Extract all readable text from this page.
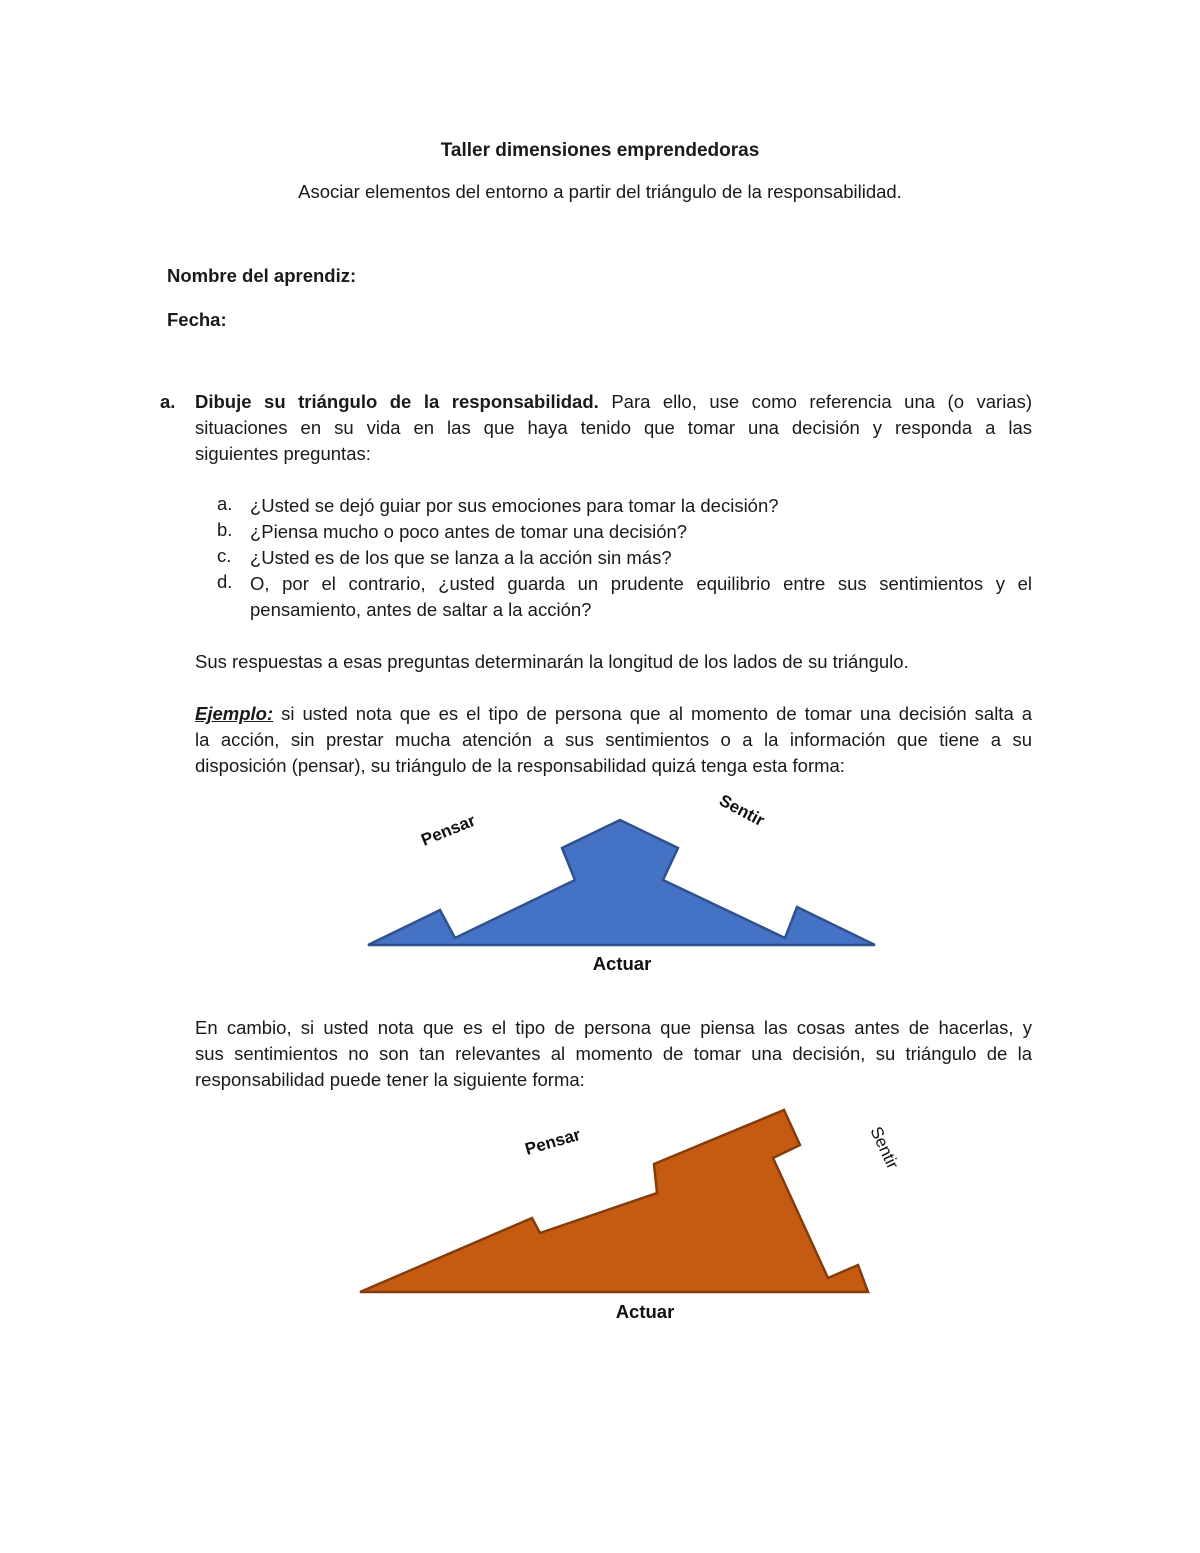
Taller dimensiones emprendedoras
Asociar elementos del entorno a partir del triángulo de la responsabilidad.
Nombre del aprendiz:
Fecha:
a. Dibuje su triángulo de la responsabilidad. Para ello, use como referencia una (o varias)
situaciones en su vida en las que haya tenido que tomar una decisión y responda a las
siguientes preguntas:
a. ¿Usted se dejó guiar por sus emociones para tomar la decisión?
b. ¿Piensa mucho o poco antes de tomar una decisión?
c. ¿Usted es de los que se lanza a la acción sin más?
d. O, por el contrario, ¿usted guarda un prudente equilibrio entre sus sentimientos y el
pensamiento, antes de saltar a la acción?
Sus respuestas a esas preguntas determinarán la longitud de los lados de su triángulo.
Ejemplo: si usted nota que es el tipo de persona que al momento de tomar una decisión salta a
la acción, sin prestar mucha atención a sus sentimientos o a la información que tiene a su
disposición (pensar), su triángulo de la responsabilidad quizá tenga esta forma:
Pensar
Sentir
Actuar
En cambio, si usted nota que es el tipo de persona que piensa las cosas antes de hacerlas, y
sus sentimientos no son tan relevantes al momento de tomar una decisión, su triángulo de la
responsabilidad puede tener la siguiente forma:
Pensar	Sentir
Actuar
